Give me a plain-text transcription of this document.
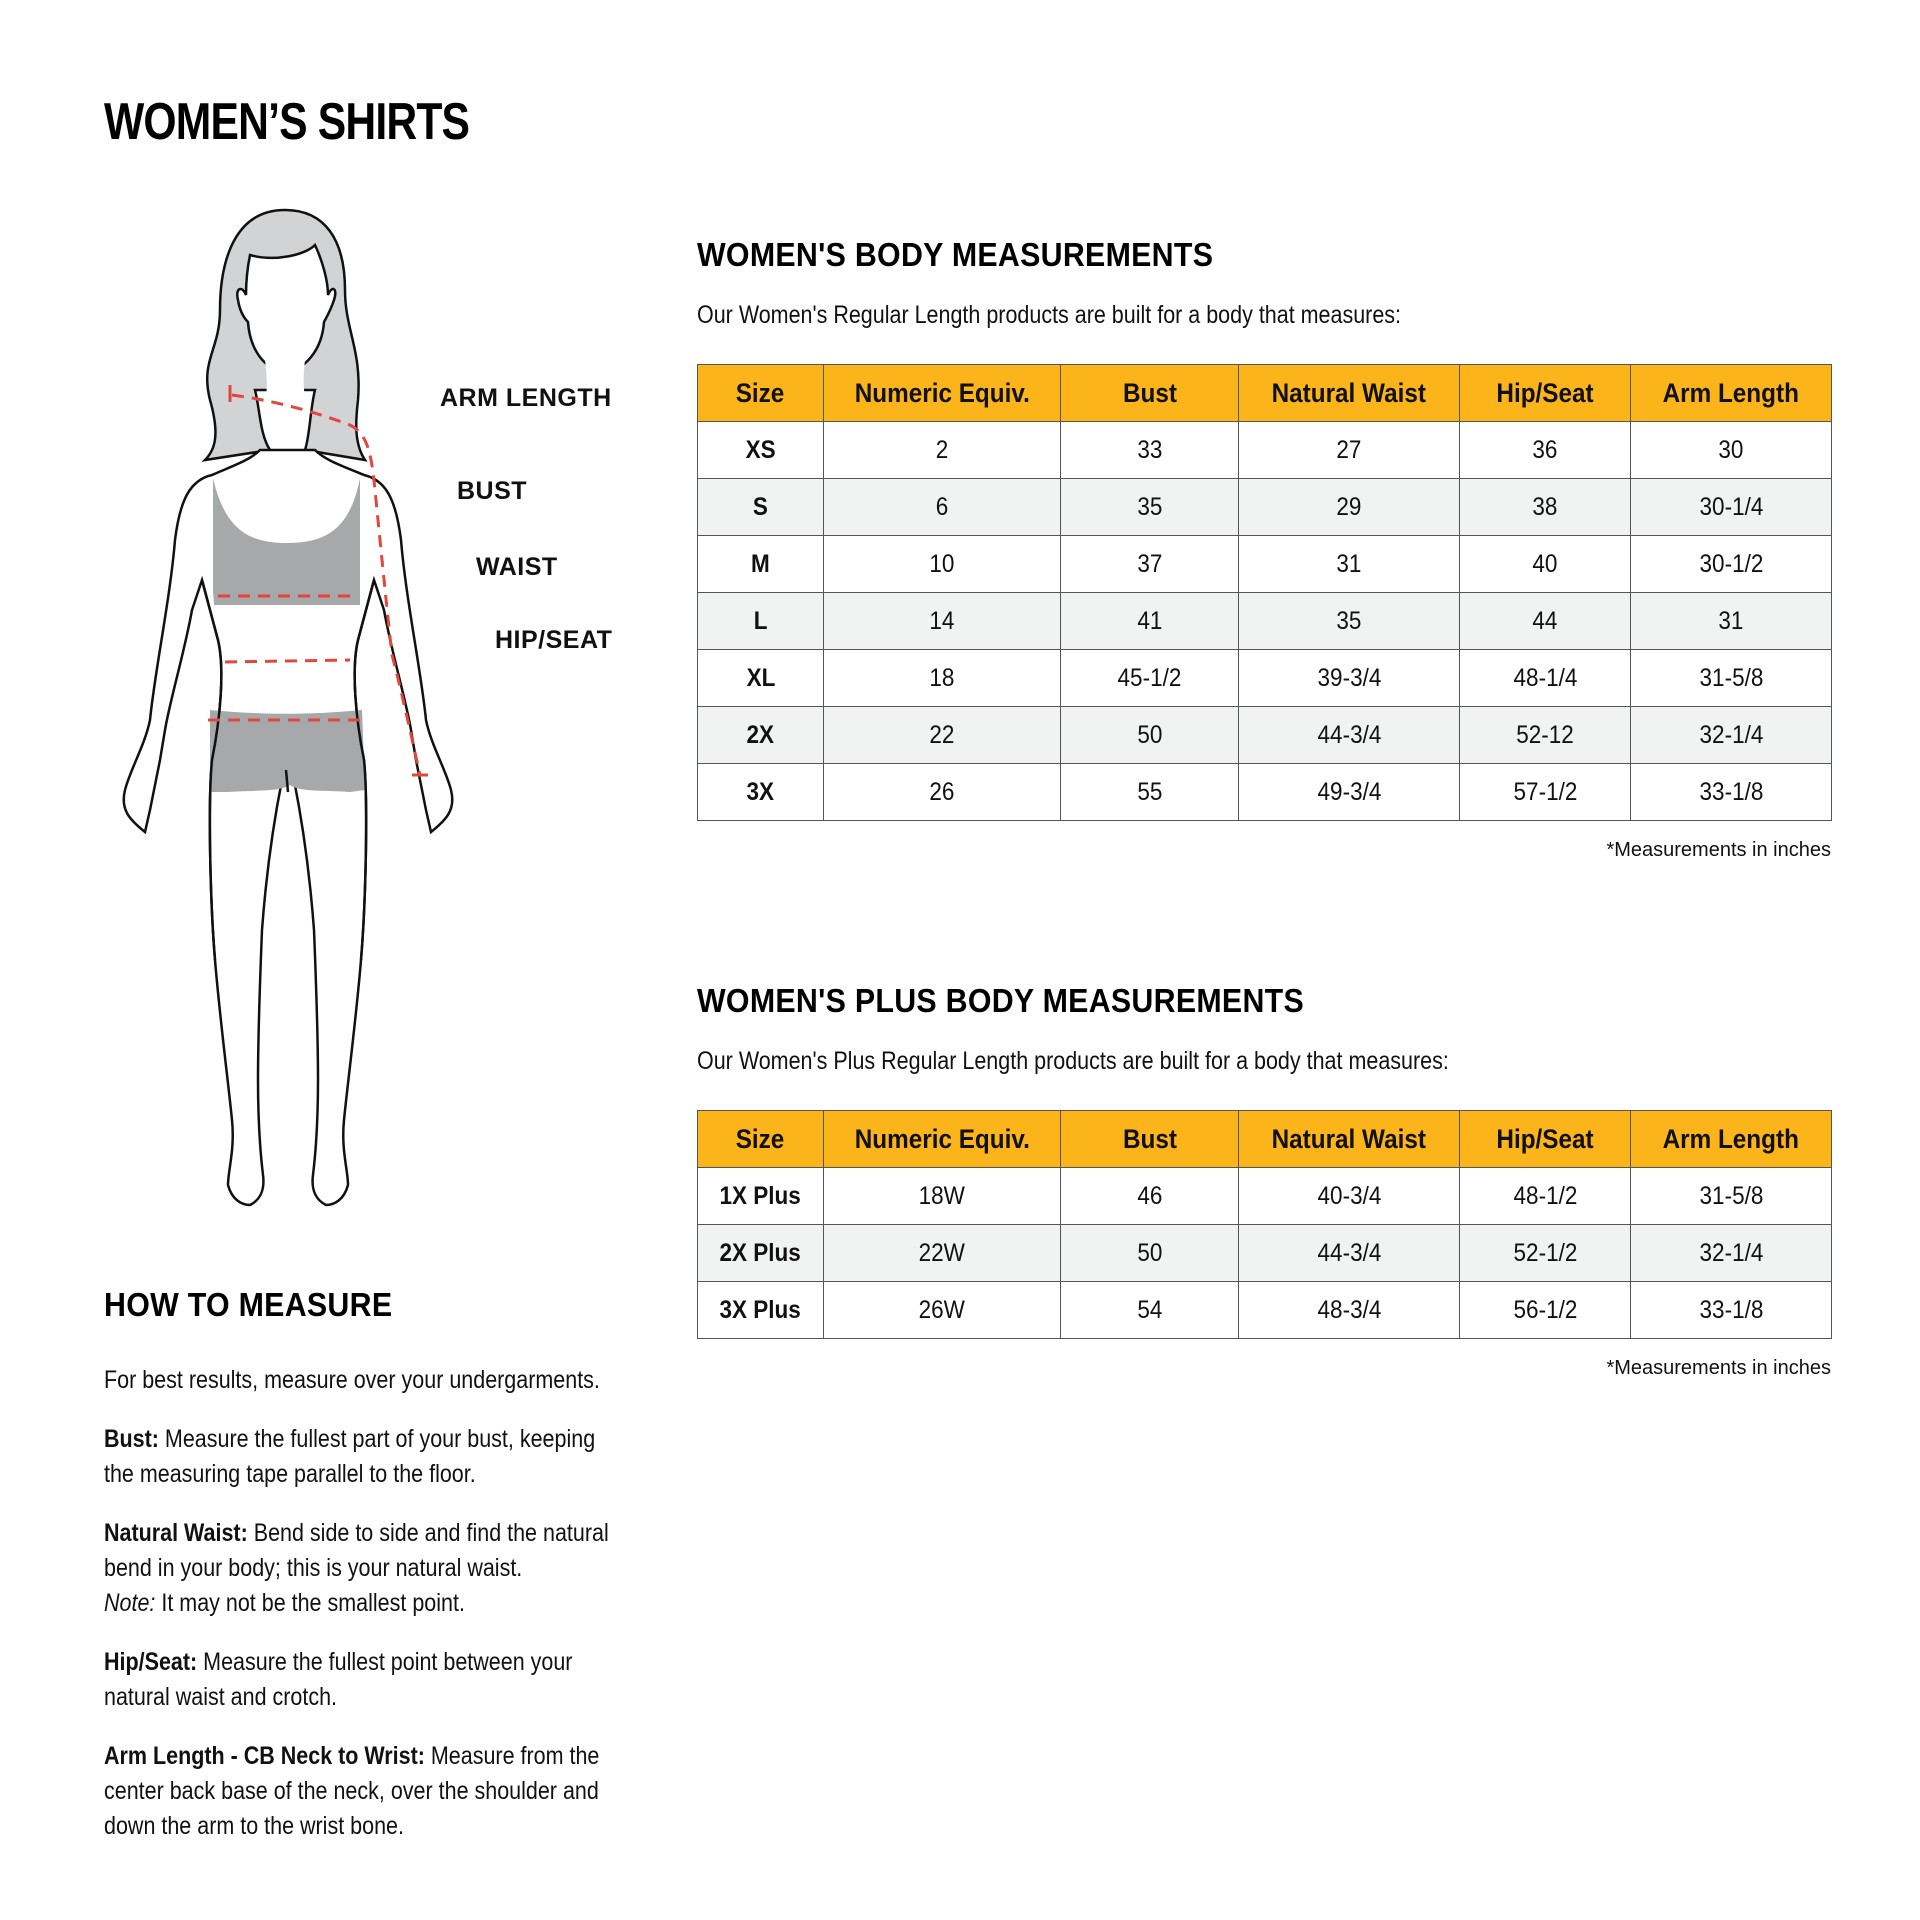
WOMEN’S SHIRTS
ARM LENGTH
BUST
WAIST
HIP/SEAT
WOMEN'S BODY MEASUREMENTS
Our Women's Regular Length products are built for a body that measures:
Size	Numeric Equiv.	Bust	Natural Waist	Hip/Seat	Arm Length
XS	2	33	27	36	30
S	6	35	29	38	30-1/4
M	10	37	31	40	30-1/2
L	14	41	35	44	31
XL	18	45-1/2	39-3/4	48-1/4	31-5/8
2X	22	50	44-3/4	52-12	32-1/4
3X	26	55	49-3/4	57-1/2	33-1/8
*Measurements in inches
WOMEN'S PLUS BODY MEASUREMENTS
Our Women's Plus Regular Length products are built for a body that measures:
Size	Numeric Equiv.	Bust	Natural Waist	Hip/Seat	Arm Length
1X Plus	18W	46	40-3/4	48-1/2	31-5/8
2X Plus	22W	50	44-3/4	52-1/2	32-1/4
3X Plus	26W	54	48-3/4	56-1/2	33-1/8
*Measurements in inches
HOW TO MEASURE

For best results, measure over your undergarments.

Bust: Measure the fullest part of your bust, keeping the measuring tape parallel to the floor.

Natural Waist: Bend side to side and find the natural bend in your body; this is your natural waist.
Note: It may not be the smallest point.

Hip/Seat: Measure the fullest point between your natural waist and crotch.

Arm Length - CB Neck to Wrist: Measure from the center back base of the neck, over the shoulder and down the arm to the wrist bone.
